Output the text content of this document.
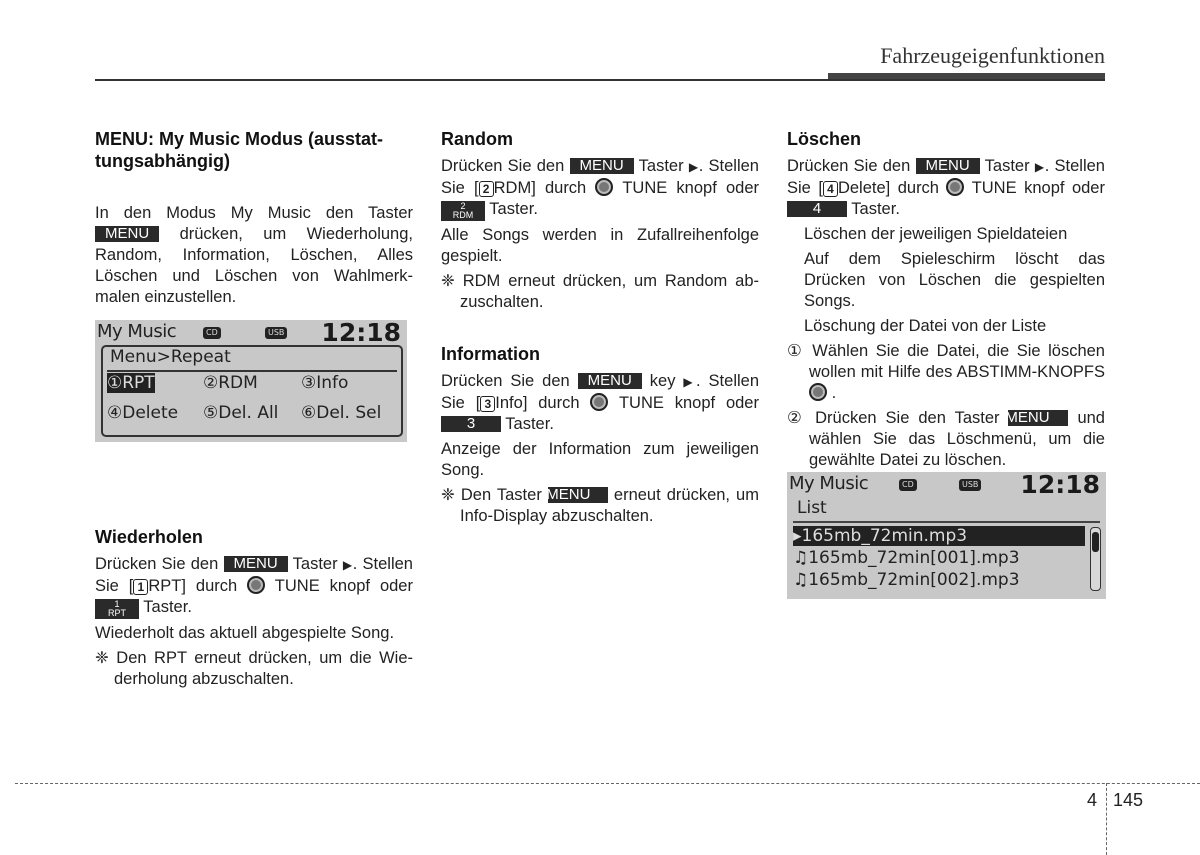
Fahrzeugeigenfunktionen
MENU: My Music Modus (ausstat-tungsabhängig)

In den Modus My Music den Taster MENU drücken, um Wiederholung, Random, Information, Löschen, Alles Löschen und Löschen von Wahlmerk-malen einzustellen.

Wiederholen

Drücken Sie den MENU Taster ▶. Stellen Sie [ 1 RPT] durch TUNE knopf oder
1
RPT Taster.

Wiederholt das aktuell abgespielte Song.

❈ Den RPT erneut drücken, um die Wie-derholung abzuschalten.

My Music	CD	USB 12:18
Menu>Repeat
①RPT	②RDM	③Info
④Delete ⑤Del. All ⑥Del. Sel
Random

Drücken Sie den MENU Taster ▶. Stellen Sie [ 2 RDM] durch TUNE knopf oder
2
RDM Taster.

Alle Songs werden in Zufallreihenfolge gespielt.

❈ RDM erneut drücken, um Random ab-zuschalten.

Information

Drücken Sie den MENU key ▶. Stellen Sie [ 3 Info] durch TUNE knopf oder 3 Taster.

Anzeige der Information zum jeweiligen Song.

❈ Den Taster MENU erneut drücken, um Info-Display abzuschalten.

Löschen

Drücken Sie den MENU Taster ▶. Stellen Sie [ 4 Delete] durch TUNE knopf oder 4 Taster.

Löschen der jeweiligen Spieldateien

Auf dem Spieleschirm löscht das Drücken von Löschen die gespielten Songs.

Löschung der Datei von der Liste

① Wählen Sie die Datei, die Sie löschen wollen mit Hilfe des ABSTIMM-KNOPFS  .

② Drücken Sie den Taster MENU und wählen Sie das Löschmenü, um die gewählte Datei zu löschen.

My Music	CD	USB 12:18
List
▸165mb_72min.mp3
♫165mb_72min[001].mp3
♫165mb_72min[002].mp3
4 145
